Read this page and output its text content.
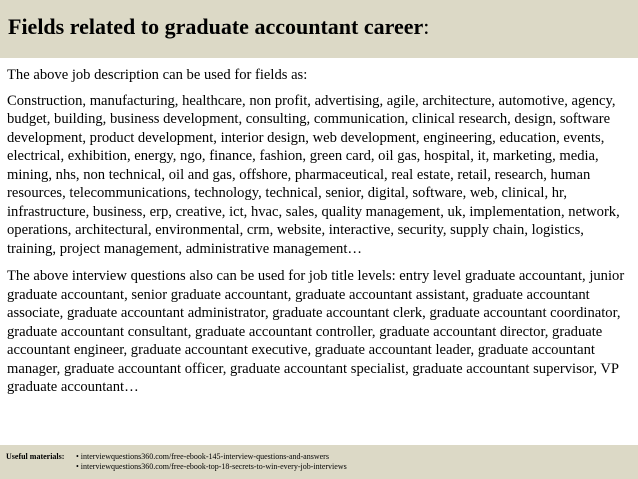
Fields related to graduate accountant career:

The above job description can be used for fields as:

Construction, manufacturing, healthcare, non profit, advertising, agile, architecture, automotive, agency, budget, building, business development, consulting, communication, clinical research, design, software development, product development, interior design, web development, engineering, education, events, electrical, exhibition, energy, ngo, finance, fashion, green card, oil gas, hospital, it, marketing, media, mining, nhs, non technical, oil and gas, offshore, pharmaceutical, real estate, retail, research, human resources, telecommunications, technology, technical, senior, digital, software, web, clinical, hr, infrastructure, business, erp, creative, ict, hvac, sales, quality management, uk, implementation, network, operations, architectural, environmental, crm, website, interactive, security, supply chain, logistics, training, project management, administrative management…

The above interview questions also can be used for job title levels: entry level graduate accountant, junior graduate accountant, senior graduate accountant, graduate accountant assistant, graduate accountant associate, graduate accountant administrator, graduate accountant clerk, graduate accountant coordinator, graduate accountant consultant, graduate accountant controller, graduate accountant director, graduate accountant engineer, graduate accountant executive, graduate accountant leader, graduate accountant manager, graduate accountant officer, graduate accountant specialist, graduate accountant supervisor, VP graduate accountant…

Useful materials:	• interviewquestions360.com/free-ebook-145-interview-questions-and-answers
• interviewquestions360.com/free-ebook-top-18-secrets-to-win-every-job-interviews
